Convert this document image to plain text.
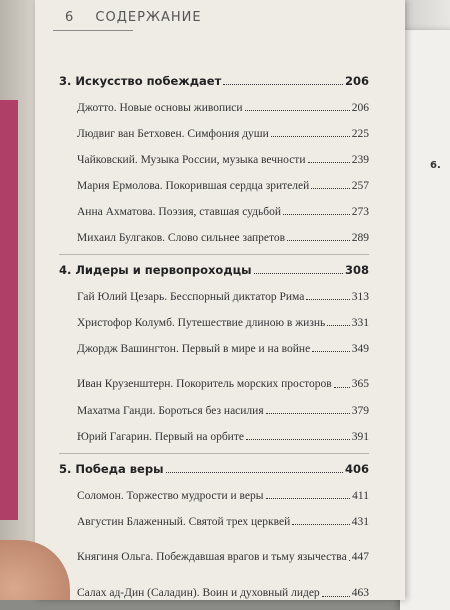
6.
6 СОДЕРЖАНИЕ
3. Искусство побеждает	206
Джотто. Новые основы живописи	206
Людвиг ван Бетховен. Симфония души	225
Чайковский. Музыка России, музыка вечности	239
Мария Ермолова. Покорившая сердца зрителей	257
Анна Ахматова. Поэзия, ставшая судьбой	273
Михаил Булгаков. Слово сильнее запретов	289
4. Лидеры и первопроходцы	308
Гай Юлий Цезарь. Бесспорный диктатор Рима	313
Христофор Колумб. Путешествие длиною в жизнь 331
Джордж Вашингтон. Первый в мире и на войне	349
Иван Крузенштерн. Покоритель морских просторов 365
Махатма Ганди. Бороться без насилия	379
Юрий Гагарин. Первый на орбите	391
5. Победа веры	406
Соломон. Торжество мудрости и веры	411
Августин Блаженный. Святой трех церквей	431
Княгиня Ольга. Побеждавшая врагов и тьму язычества 447
Салах ад-Дин (Саладин). Воин и духовный лидер	463
